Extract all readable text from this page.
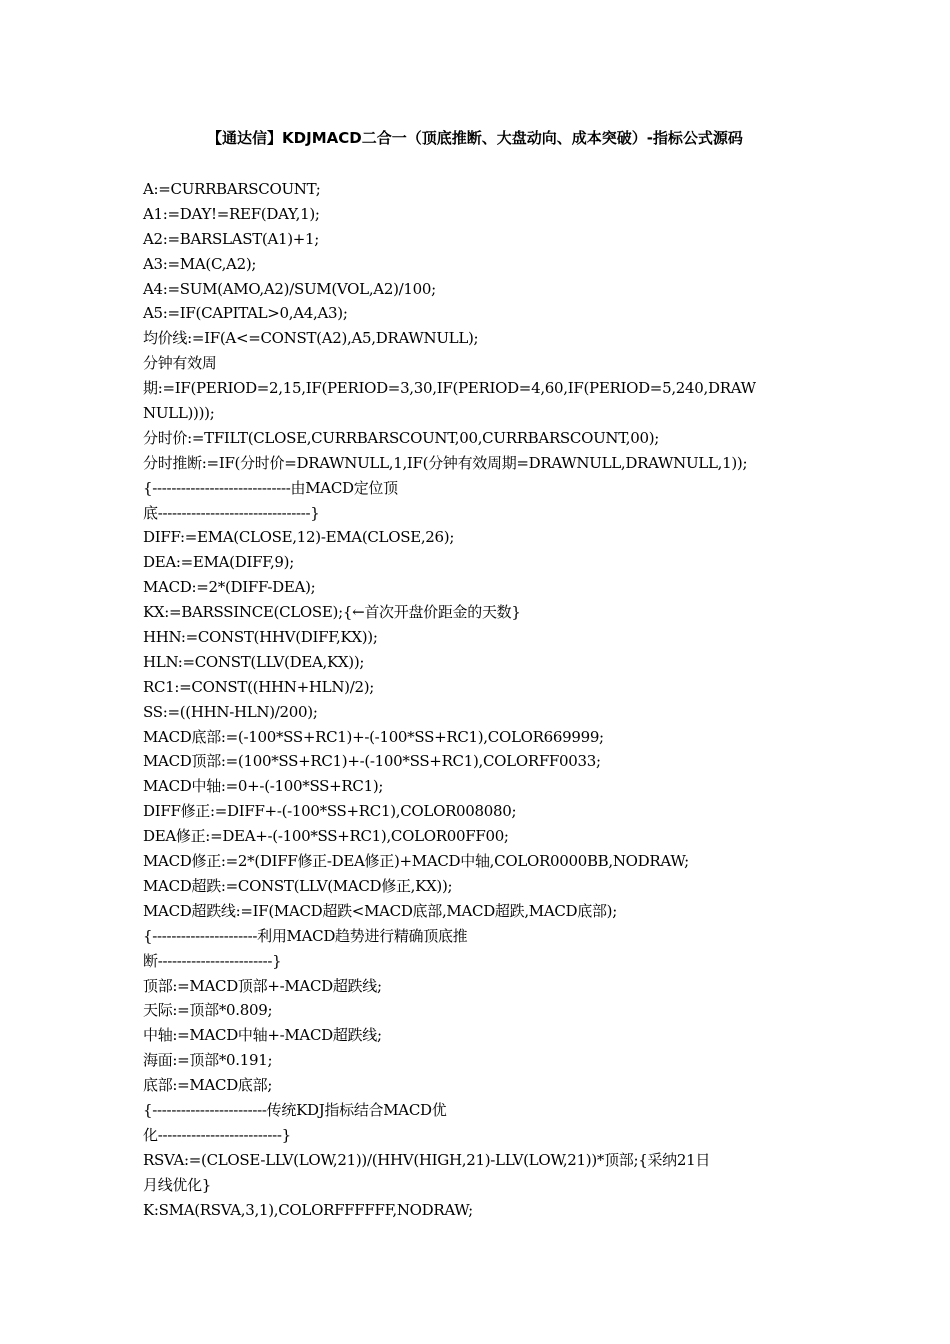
【通达信】KDJMACD二合一（顶底推断、大盘动向、成本突破）-指标公式源码
A:=CURRBARSCOUNT;
A1:=DAY!=REF(DAY,1);
A2:=BARSLAST(A1)+1;
A3:=MA(C,A2);
A4:=SUM(AMO,A2)/SUM(VOL,A2)/100;
A5:=IF(CAPITAL>0,A4,A3);
均价线:=IF(A<=CONST(A2),A5,DRAWNULL);
分钟有效周
期:=IF(PERIOD=2,15,IF(PERIOD=3,30,IF(PERIOD=4,60,IF(PERIOD=5,240,DRAW
NULL))));
分时价:=TFILT(CLOSE,CURRBARSCOUNT,00,CURRBARSCOUNT,00);
分时推断:=IF(分时价=DRAWNULL,1,IF(分钟有效周期=DRAWNULL,DRAWNULL,1));
{-----------------------------由MACD定位顶
底--------------------------------}
DIFF:=EMA(CLOSE,12)-EMA(CLOSE,26);
DEA:=EMA(DIFF,9);
MACD:=2*(DIFF-DEA);
KX:=BARSSINCE(CLOSE);{←首次开盘价距金的天数}
HHN:=CONST(HHV(DIFF,KX));
HLN:=CONST(LLV(DEA,KX));
RC1:=CONST((HHN+HLN)/2);
SS:=((HHN-HLN)/200);
MACD底部:=(-100*SS+RC1)+-(-100*SS+RC1),COLOR669999;
MACD顶部:=(100*SS+RC1)+-(-100*SS+RC1),COLORFF0033;
MACD中轴:=0+-(-100*SS+RC1);
DIFF修正:=DIFF+-(-100*SS+RC1),COLOR008080;
DEA修正:=DEA+-(-100*SS+RC1),COLOR00FF00;
MACD修正:=2*(DIFF修正-DEA修正)+MACD中轴,COLOR0000BB,NODRAW;
MACD超跌:=CONST(LLV(MACD修正,KX));
MACD超跌线:=IF(MACD超跌<MACD底部,MACD超跌,MACD底部);
{----------------------利用MACD趋势进行精确顶底推
断------------------------}
顶部:=MACD顶部+-MACD超跌线;
天际:=顶部*0.809;
中轴:=MACD中轴+-MACD超跌线;
海面:=顶部*0.191;
底部:=MACD底部;
{------------------------传统KDJ指标结合MACD优
化--------------------------}
RSVA:=(CLOSE-LLV(LOW,21))/(HHV(HIGH,21)-LLV(LOW,21))*顶部;{采纳21日
月线优化}
K:SMA(RSVA,3,1),COLORFFFFFF,NODRAW;
